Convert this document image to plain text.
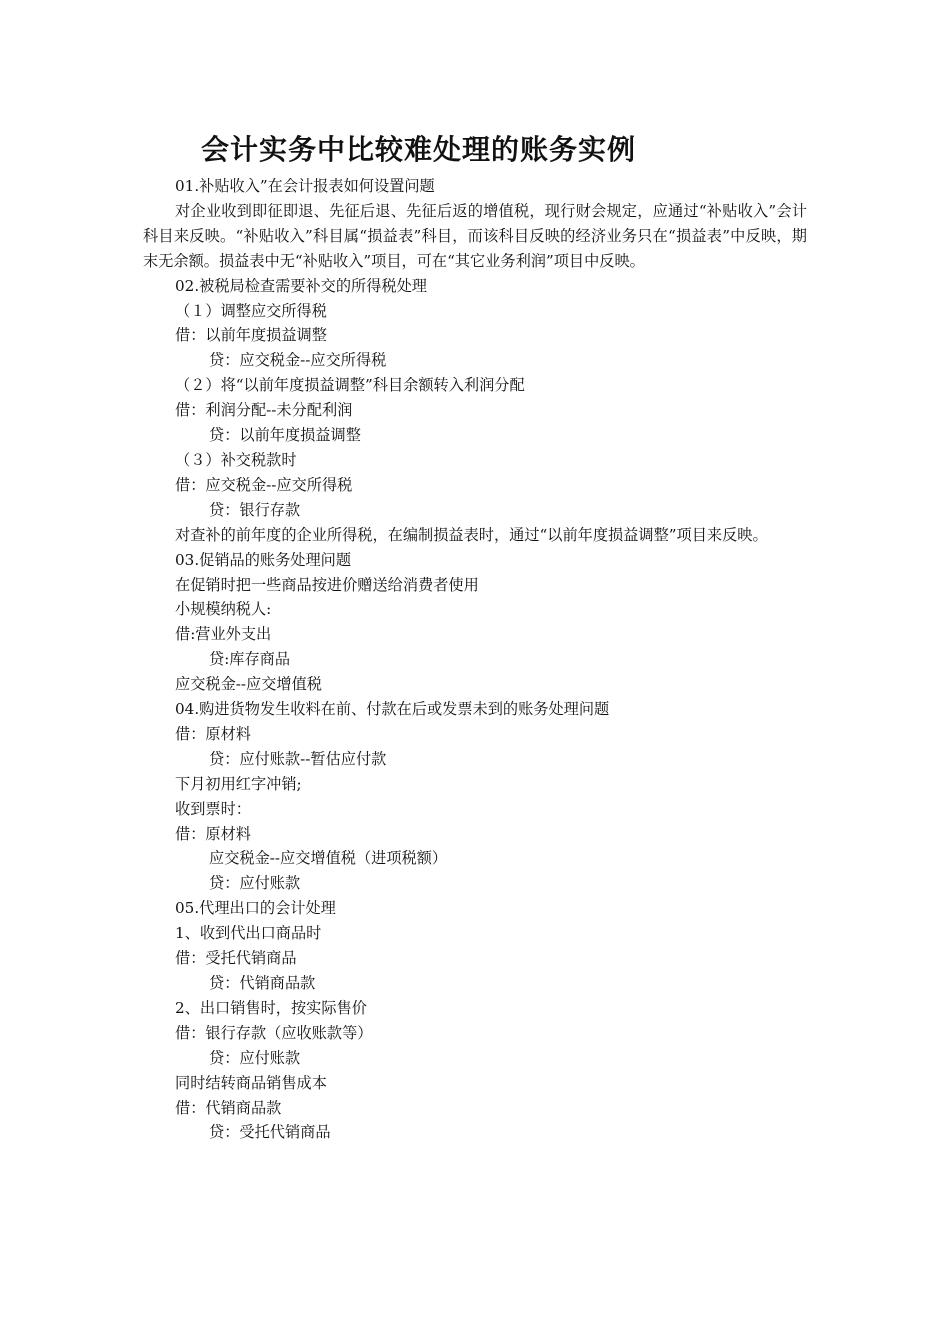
会计实务中比较难处理的账务实例
01.补贴收入”在会计报表如何设置问题
对企业收到即征即退、先征后退、先征后返的增值税，现行财会规定，应通过“补贴收入”会计科目来反映。“补贴收入”科目属“损益表”科目，而该科目反映的经济业务只在“损益表”中反映，期末无余额。损益表中无“补贴收入”项目，可在“其它业务利润”项目中反映。
02.被税局检查需要补交的所得税处理
（１）调整应交所得税
借：以前年度损益调整
贷：应交税金--应交所得税
（２）将“以前年度损益调整”科目余额转入利润分配
借：利润分配--未分配利润
贷：以前年度损益调整
（３）补交税款时
借：应交税金--应交所得税
贷：银行存款
对查补的前年度的企业所得税，在编制损益表时，通过“以前年度损益调整”项目来反映。
03.促销品的账务处理问题
在促销时把一些商品按进价赠送给消费者使用
小规模纳税人:
借:营业外支出
贷:库存商品
应交税金--应交增值税
04.购进货物发生收料在前、付款在后或发票未到的账务处理问题
借：原材料
贷：应付账款--暂估应付款
下月初用红字冲销;
收到票时：
借：原材料
应交税金--应交增值税（进项税额）
贷：应付账款
05.代理出口的会计处理
1、收到代出口商品时
借：受托代销商品
贷：代销商品款
2、出口销售时，按实际售价
借：银行存款（应收账款等）
贷：应付账款
同时结转商品销售成本
借：代销商品款
贷：受托代销商品
